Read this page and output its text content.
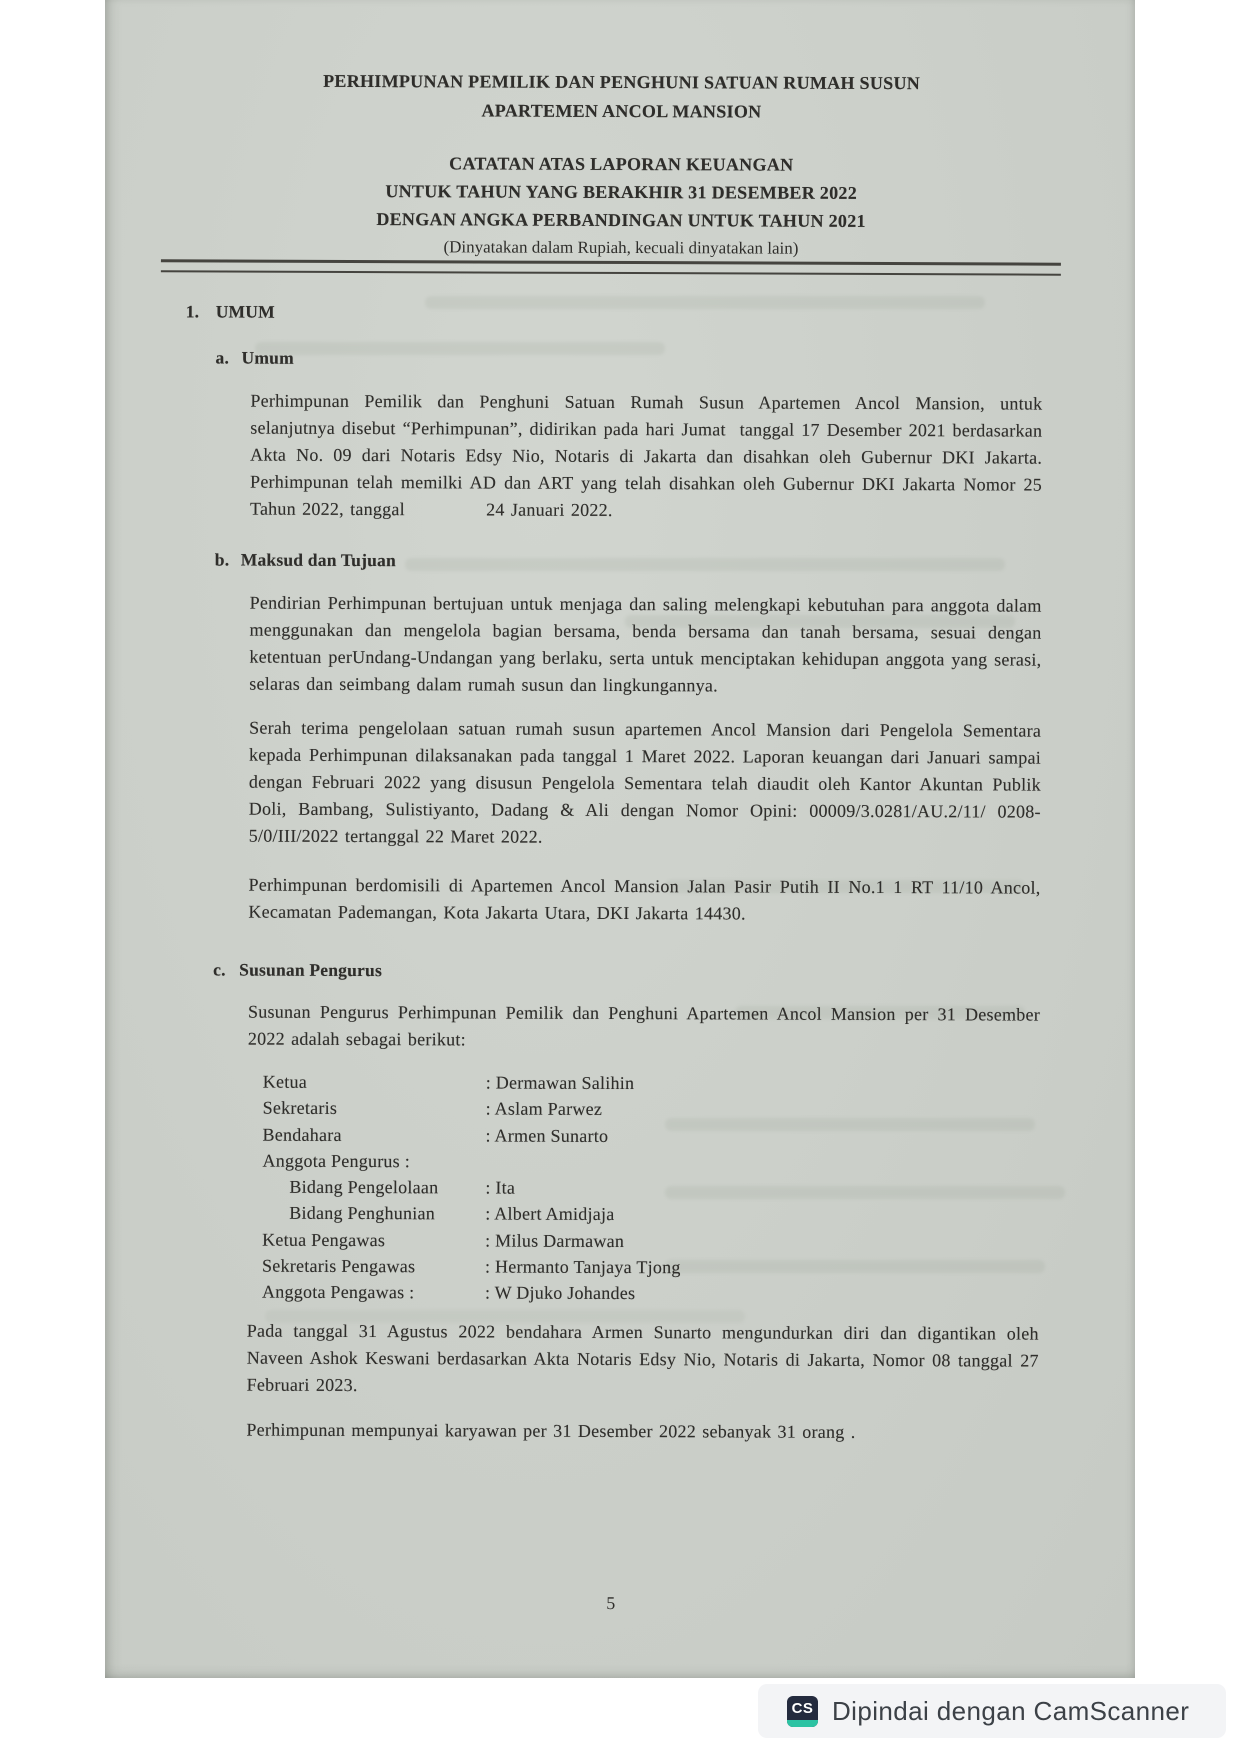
PERHIMPUNAN PEMILIK DAN PENGHUNI SATUAN RUMAH SUSUN
APARTEMEN ANCOL MANSION
CATATAN ATAS LAPORAN KEUANGAN
UNTUK TAHUN YANG BERAKHIR 31 DESEMBER 2022
DENGAN ANGKA PERBANDINGAN UNTUK TAHUN 2021
(Dinyatakan dalam Rupiah, kecuali dinyatakan lain)
1. UMUM
a. Umum
Perhimpunan Pemilik dan Penghuni Satuan Rumah Susun Apartemen Ancol Mansion, untuk selanjutnya disebut “Perhimpunan”, didirikan pada hari Jumat  tanggal 17 Desember 2021 berdasarkan Akta No. 09 dari Notaris Edsy Nio, Notaris di Jakarta dan disahkan oleh Gubernur DKI Jakarta. Perhimpunan telah memilki AD dan ART yang telah disahkan oleh Gubernur DKI Jakarta Nomor 25 Tahun 2022, tanggal             24 Januari 2022.
b. Maksud dan Tujuan
Pendirian Perhimpunan bertujuan untuk menjaga dan saling melengkapi kebutuhan para anggota dalam menggunakan dan mengelola bagian bersama, benda bersama dan tanah bersama, sesuai dengan ketentuan perUndang-Undangan yang berlaku, serta untuk menciptakan kehidupan anggota yang serasi, selaras dan seimbang dalam rumah susun dan lingkungannya.
Serah terima pengelolaan satuan rumah susun apartemen Ancol Mansion dari Pengelola Sementara kepada Perhimpunan dilaksanakan pada tanggal 1 Maret 2022. Laporan keuangan dari Januari sampai dengan Februari 2022 yang disusun Pengelola Sementara telah diaudit oleh Kantor Akuntan Publik Doli, Bambang, Sulistiyanto, Dadang & Ali dengan Nomor Opini: 00009/3.0281/AU.2/11/ 0208-5/0/III/2022 tertanggal 22 Maret 2022.
Perhimpunan berdomisili di Apartemen Ancol Mansion Jalan Pasir Putih II No.1 1 RT 11/10 Ancol, Kecamatan Pademangan, Kota Jakarta Utara, DKI Jakarta 14430.
c. Susunan Pengurus
Susunan Pengurus Perhimpunan Pemilik dan Penghuni Apartemen Ancol Mansion per 31 Desember 2022 adalah sebagai berikut:
Ketua	: Dermawan Salihin
Sekretaris	: Aslam Parwez
Bendahara	: Armen Sunarto
Anggota Pengurus :
Bidang Pengelolaan	: Ita
Bidang Penghunian	: Albert Amidjaja
Ketua Pengawas	: Milus Darmawan
Sekretaris Pengawas	: Hermanto Tanjaya Tjong
Anggota Pengawas :	: W Djuko Johandes
Pada tanggal 31 Agustus 2022 bendahara Armen Sunarto mengundurkan diri dan digantikan oleh Naveen Ashok Keswani berdasarkan Akta Notaris Edsy Nio, Notaris di Jakarta, Nomor 08 tanggal 27 Februari 2023.
Perhimpunan mempunyai karyawan per 31 Desember 2022 sebanyak 31 orang .
5
CS Dipindai dengan CamScanner
